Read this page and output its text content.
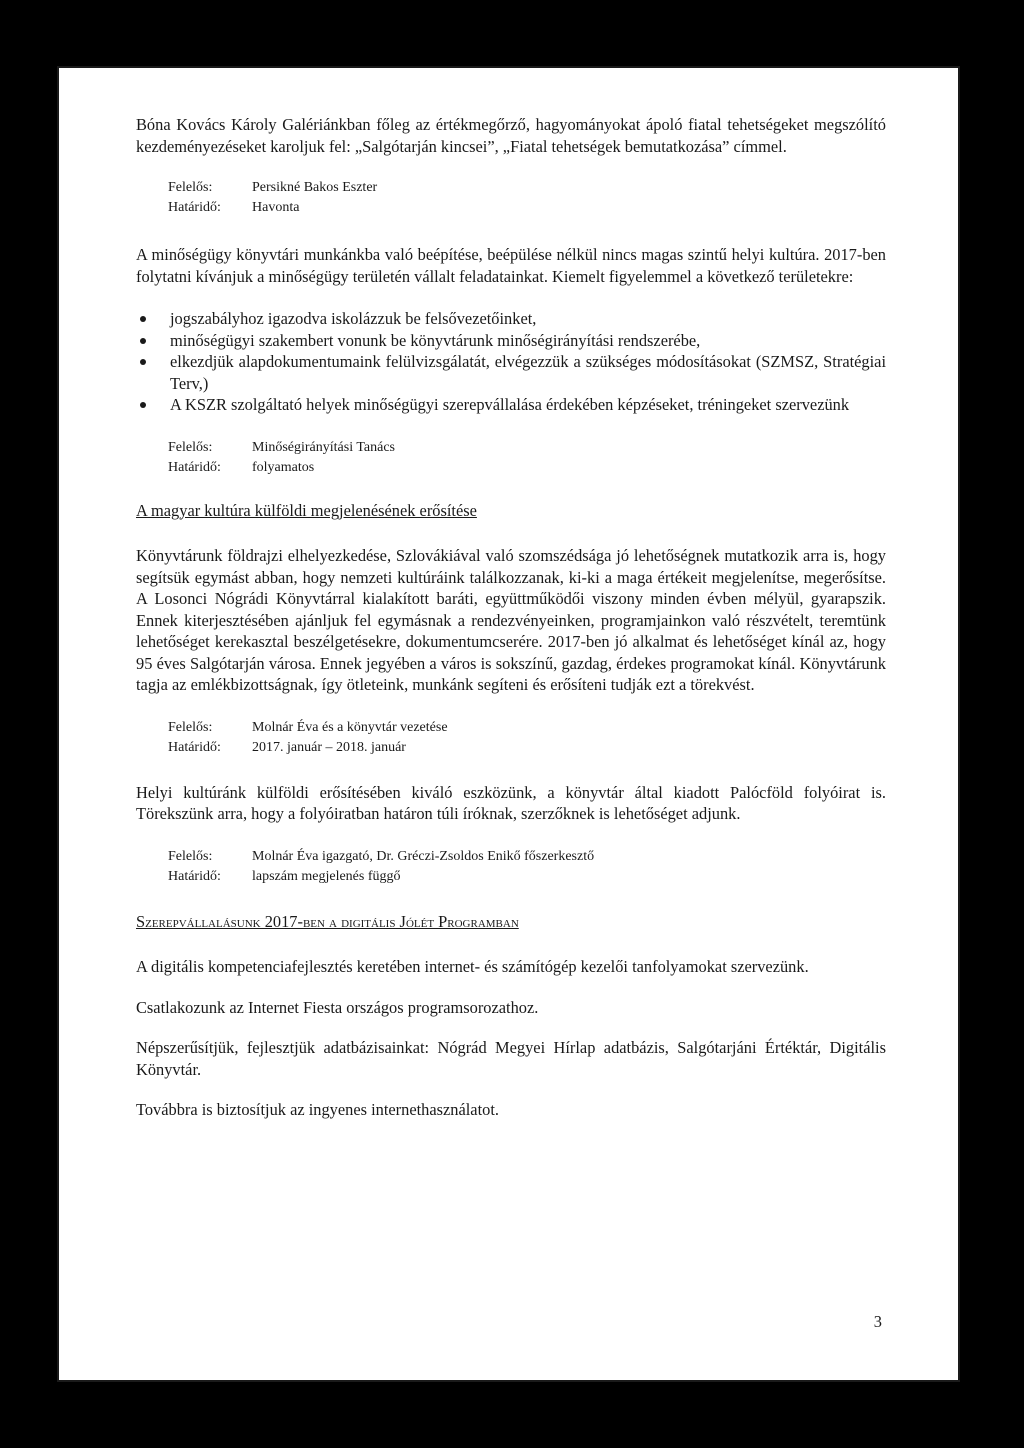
Bóna Kovács Károly Galériánkban főleg az értékmegőrző, hagyományokat ápoló fiatal tehetségeket megszólító kezdeményezéseket karoljuk fel: „Salgótarján kincsei”, „Fiatal tehetségek bemutatkozása” címmel.

Felelős:	Persikné Bakos Eszter
Határidő:	Havonta

A minőségügy könyvtári munkánkba való beépítése, beépülése nélkül nincs magas szintű helyi kultúra. 2017-ben folytatni kívánjuk a minőségügy területén vállalt feladatainkat. Kiemelt figyelemmel a következő területekre:

jogszabályhoz igazodva iskolázzuk be felsővezetőinket,
minőségügyi szakembert vonunk be könyvtárunk minőségirányítási rendszerébe,
elkezdjük alapdokumentumaink felülvizsgálatát, elvégezzük a szükséges módosításokat (SZMSZ, Stratégiai Terv,)
A KSZR szolgáltató helyek minőségügyi szerepvállalása érdekében képzéseket, tréningeket szervezünk
Felelős:	Minőségirányítási Tanács
Határidő:	folyamatos
A magyar kultúra külföldi megjelenésének erősítése

Könyvtárunk földrajzi elhelyezkedése, Szlovákiával való szomszédsága jó lehetőségnek mutatkozik arra is, hogy segítsük egymást abban, hogy nemzeti kultúráink találkozzanak, ki-ki a maga értékeit megjelenítse, megerősítse. A Losonci Nógrádi Könyvtárral kialakított baráti, együttműködői viszony minden évben mélyül, gyarapszik. Ennek kiterjesztésében ajánljuk fel egymásnak a rendezvényeinken, programjainkon való részvételt, teremtünk lehetőséget kerekasztal beszélgetésekre, dokumentumcserére. 2017-ben jó alkalmat és lehetőséget kínál az, hogy 95 éves Salgótarján városa. Ennek jegyében a város is sokszínű, gazdag, érdekes programokat kínál. Könyvtárunk tagja az emlékbizottságnak, így ötleteink, munkánk segíteni és erősíteni tudják ezt a törekvést.

Felelős:	Molnár Éva és a könyvtár vezetése
Határidő:	2017. január – 2018. január

Helyi kultúránk külföldi erősítésében kiváló eszközünk, a könyvtár által kiadott Palócföld folyóirat is. Törekszünk arra, hogy a folyóiratban határon túli íróknak, szerzőknek is lehetőséget adjunk.

Felelős:	Molnár Éva igazgató, Dr. Gréczi-Zsoldos Enikő főszerkesztő
Határidő:	lapszám megjelenés függő
Szerepvállalásunk 2017-ben a digitális Jólét Programban

A digitális kompetenciafejlesztés keretében internet- és számítógép kezelői tanfolyamokat szervezünk.

Csatlakozunk az Internet Fiesta országos programsorozathoz.

Népszerűsítjük, fejlesztjük adatbázisainkat: Nógrád Megyei Hírlap adatbázis, Salgótarjáni Értéktár, Digitális Könyvtár.

Továbbra is biztosítjuk az ingyenes internethasználatot.

3
